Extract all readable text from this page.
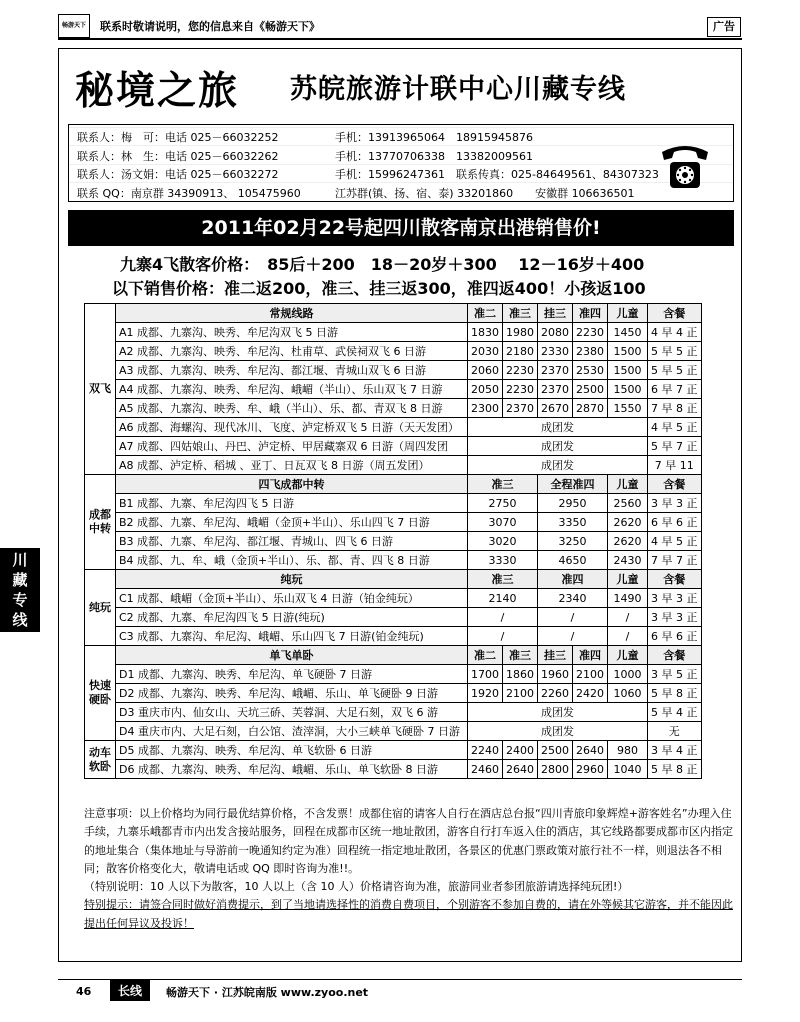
畅游天下	联系时敬请说明，您的信息来自《畅游天下》	广告
秘境之旅 苏皖旅游计联中心川藏专线
联系人：梅　可：电话 025－66032252	手机：13913965064　18915945876
联系人：林　生：电话 025－66032262	手机：13770706338　13382009561
联系人：汤文娟：电话 025－66032272	手机：15996247361　联系传真：025-84649561、84307323
联系 QQ：南京群 34390913、 105475960	江苏群(镇、扬、宿、泰) 33201860　　安徽群 106636501
2011年02月22号起四川散客南京出港销售价!
九寨4飞散客价格：　85后＋200　18－20岁＋300　 12－16岁＋400
以下销售价格：准二返200，准三、挂三返300，准四返400！小孩返100
双飞	常规线路	准二	准三	挂三	准四	儿童	含餐
	A1 成都、九寨沟、映秀、牟尼沟双飞 5 日游	1830	1980	2080	2230	1450	4 早 4 正
	A2 成都、九寨沟、映秀、牟尼沟、杜甫草、武侯祠双飞 6 日游	2030	2180	2330	2380	1500	5 早 5 正
	A3 成都、九寨沟、映秀、牟尼沟、都江堰、青城山双飞 6 日游	2060	2230	2370	2530	1500	5 早 5 正
	A4 成都、九寨沟、映秀、牟尼沟、峨嵋（半山）、乐山双飞 7 日游	2050	2230	2370	2500	1500	6 早 7 正
	A5 成都、九寨沟、映秀、牟、峨（半山）、乐、都、青双飞 8 日游	2300	2370	2670	2870	1550	7 早 8 正
	A6 成都、海螺沟、现代冰川、飞度、泸定桥双飞 5 日游（天天发团）	成团发					4 早 5 正
	A7 成都、四姑娘山、丹巴、泸定桥、甲居藏寨双 6 日游（周四发团	成团发					5 早 7 正
	A8 成都、泸定桥、稻城 、亚丁、日瓦双飞 8 日游（周五发团）	成团发					7 早 11
成都中转	四飞成都中转	准三		全程准四		儿童	含餐
	B1 成都、九寨、牟尼沟四飞 5 日游	2750		2950		2560	3 早 3 正
	B2 成都、九寨、牟尼沟、峨嵋（金顶+半山）、乐山四飞 7 日游	3070		3350		2620	6 早 6 正
	B3 成都、九寨、牟尼沟、都江堰、青城山、四飞 6 日游	3020		3250		2620	4 早 5 正
	B4 成都、九、牟、峨（金顶+半山）、乐、都、青、四飞 8 日游	3330		4650		2430	7 早 7 正
纯玩	纯玩	准三		准四		儿童	含餐
	C1 成都、峨嵋（金顶+半山）、乐山双飞 4 日游（铂金纯玩）	2140		2340		1490	3 早 3 正
	C2 成都、九寨、牟尼沟四飞 5 日游(纯玩)	/		/		/	3 早 3 正
	C3 成都、九寨沟、牟尼沟、峨嵋、乐山四飞 7 日游(铂金纯玩)	/		/		/	6 早 6 正
快速硬卧	单飞单卧	准二	准三	挂三	准四	儿童	含餐
	D1 成都、九寨沟、映秀、牟尼沟、单飞硬卧 7 日游	1700	1860	1960	2100	1000	3 早 5 正
	D2 成都、九寨沟、映秀、牟尼沟、峨嵋、乐山、单飞硬卧 9 日游	1920	2100	2260	2420	1060	5 早 8 正
	D3 重庆市内、仙女山、天坑三硚、芙蓉洞、大足石刻，双飞 6 游	成团发					5 早 4 正
	D4 重庆市内、大足石刻，白公馆、渣滓洞，大小三峡单飞硬卧 7 日游	成团发					无
动车软卧	D5 成都、九寨沟、映秀、牟尼沟、单飞软卧 6 日游	2240	2400	2500	2640	980	3 早 4 正
	D6 成都、九寨沟、映秀、牟尼沟、峨嵋、乐山、单飞软卧 8 日游	2460	2640	2800	2960	1040	5 早 8 正

注意事项：以上价格均为同行最优结算价格，不含发票！成都住宿的请客人自行在酒店总台报“四川青旅印象辉煌+游客姓名”办理入住手续，九寨乐峨都青市内出发含接站服务，回程在成都市区统一地址散团，游客自行打车返入住的酒店，其它线路都要成都市区内指定的地址集合（集体地址与导游前一晚通知约定为准）回程统一指定地址散团，各景区的优惠门票政策对旅行社不一样，则退法各不相同；散客价格变化大，敬请电话或 QQ 即时咨询为准!!。

（特别说明：10 人以下为散客，10 人以上（含 10 人）价格请咨询为准，旅游同业者参团旅游请选择纯玩团!）

特别提示：请签合同时做好消费提示，到了当地请选择性的消费自费项目，个别游客不参加自费的，请在外等候其它游客，并不能因此提出任何异议及投诉！

川
藏
专
线
46	长线	畅游天下 · 江苏皖南版 www.zyoo.net
